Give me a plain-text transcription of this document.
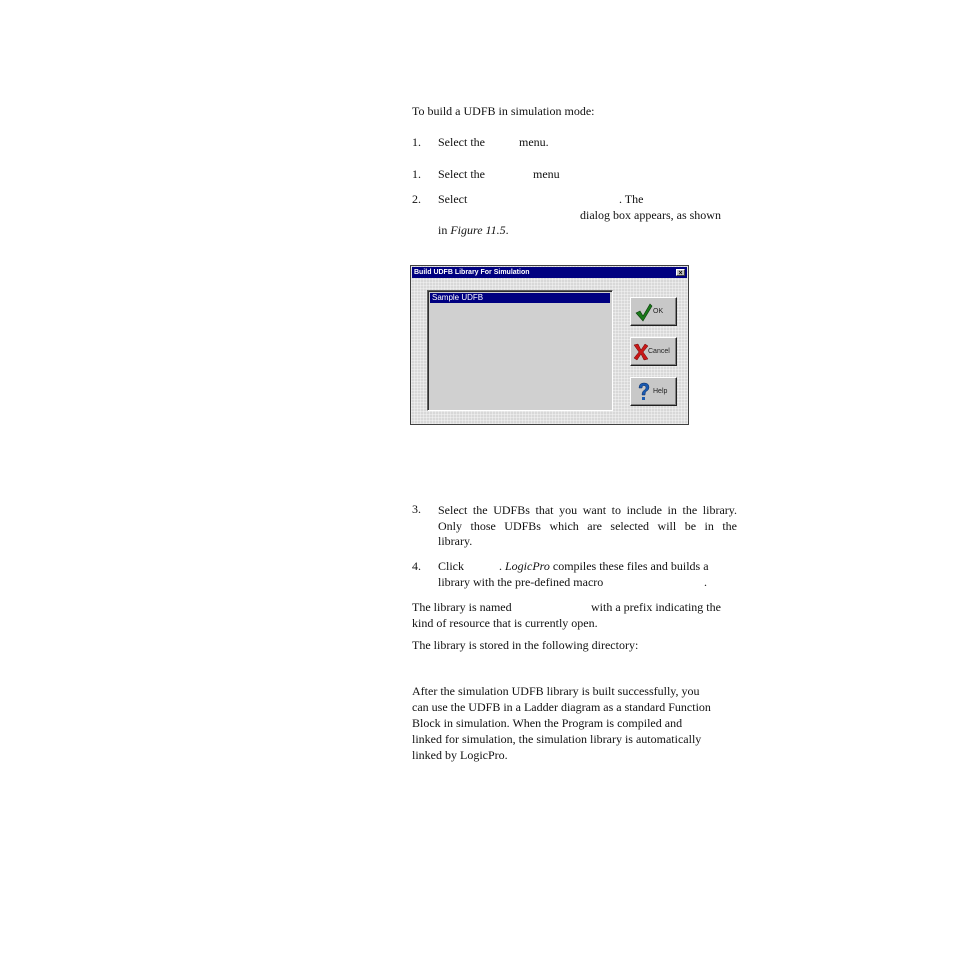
To build a UDFB in simulation mode:
1. Select the	menu.
1. Select the	menu
2. Select	. The
dialog box appears, as shown
in Figure 11.5.
Build UDFB Library For Simulation	×
Sample UDFB
OK
Cancel
Help
3. Select the UDFBs that you want to include in the library.
Only those UDFBs which are selected will be in the
library.
4. Click	. LogicPro compiles these files and builds a
library with the pre-defined macro	.
The library is named	with a prefix indicating the
kind of resource that is currently open.
The library is stored in the following directory:
After the simulation UDFB library is built successfully, you
can use the UDFB in a Ladder diagram as a standard Function
Block in simulation. When the Program is compiled and
linked for simulation, the simulation library is automatically
linked by LogicPro.
